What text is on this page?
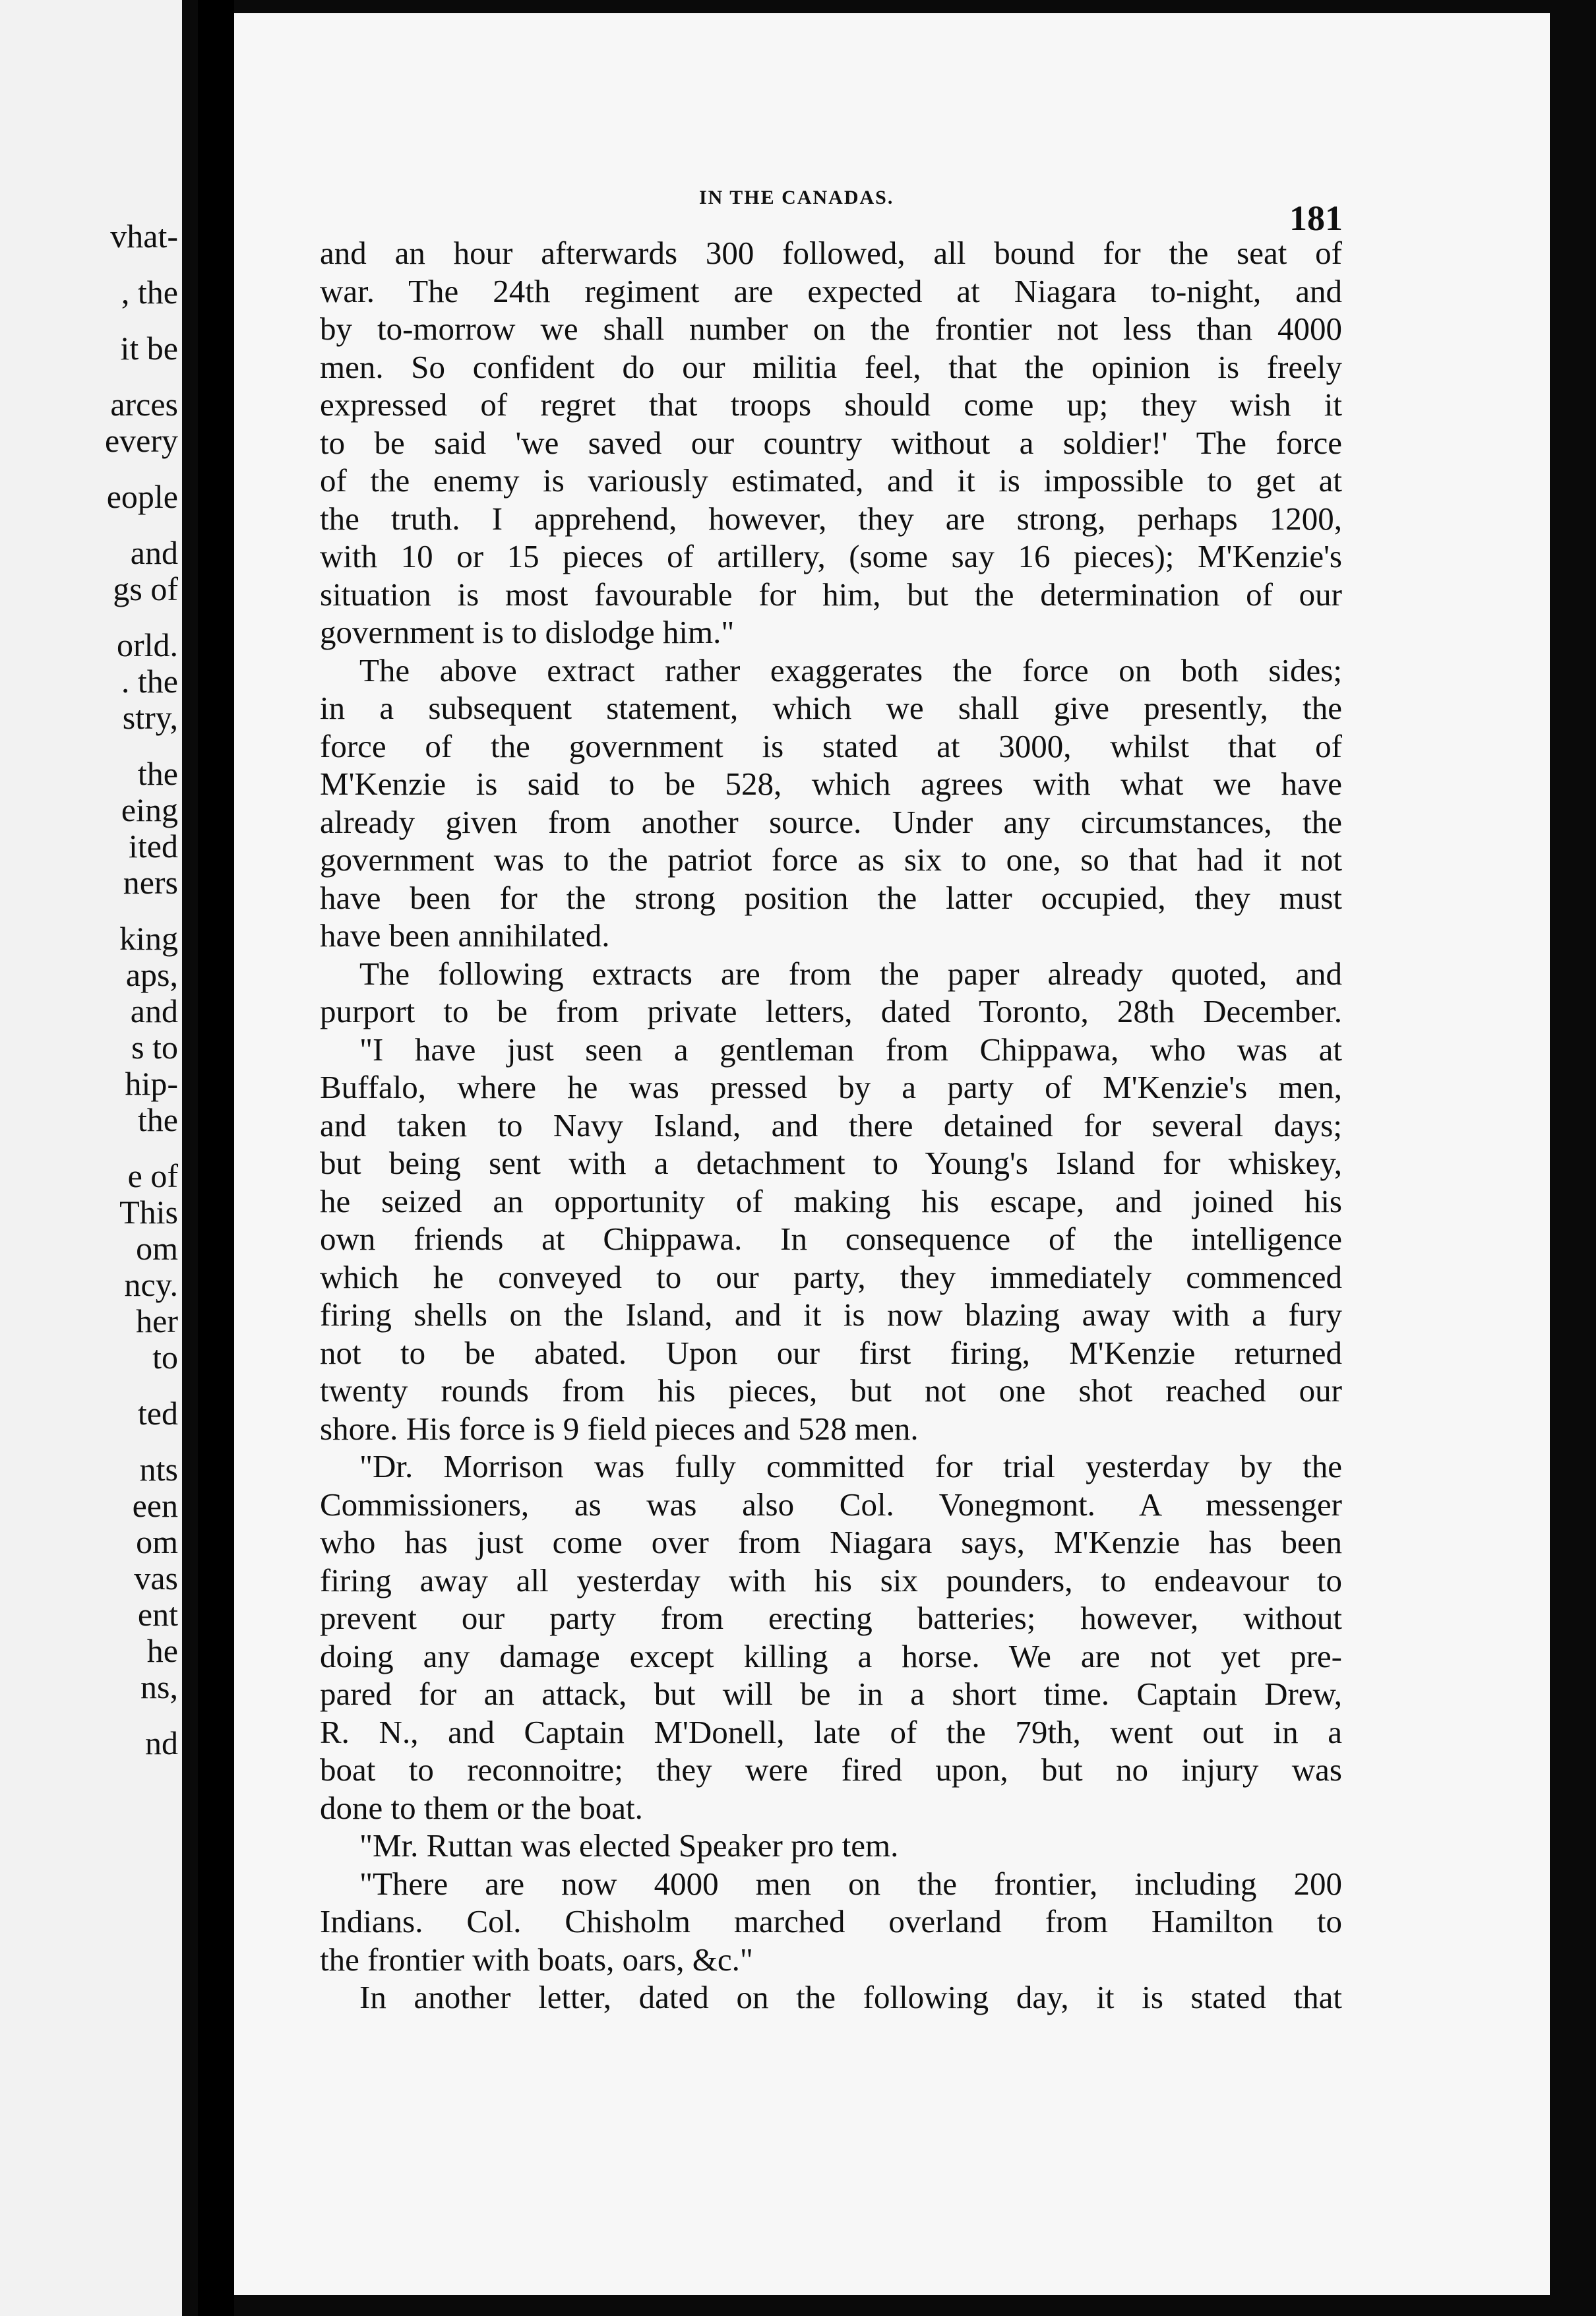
vhat-
, the
it be
arces
every
eople
and
gs of
orld.
. the
stry,
the
eing
ited
ners
king
aps,
and
s to
hip-
the
e of
This
om
ncy.
her
to
ted
nts
een
om
vas
ent
he
ns,
nd
IN THE CANADAS.
181
and an hour afterwards 300 followed, all bound for the seat of
war. The 24th regiment are expected at Niagara to-night, and
by to-morrow we shall number on the frontier not less than 4000
men. So confident do our militia feel, that the opinion is freely
expressed of regret that troops should come up; they wish it
to be said 'we saved our country without a soldier!' The force
of the enemy is variously estimated, and it is impossible to get at
the truth. I apprehend, however, they are strong, perhaps 1200,
with 10 or 15 pieces of artillery, (some say 16 pieces); M'Kenzie's
situation is most favourable for him, but the determination of our
government is to dislodge him."
The above extract rather exaggerates the force on both sides;
in a subsequent statement, which we shall give presently, the
force of the government is stated at 3000, whilst that of
M'Kenzie is said to be 528, which agrees with what we have
already given from another source. Under any circumstances, the
government was to the patriot force as six to one, so that had it not
have been for the strong position the latter occupied, they must
have been annihilated.
The following extracts are from the paper already quoted, and
purport to be from private letters, dated Toronto, 28th December.
"I have just seen a gentleman from Chippawa, who was at
Buffalo, where he was pressed by a party of M'Kenzie's men,
and taken to Navy Island, and there detained for several days;
but being sent with a detachment to Young's Island for whiskey,
he seized an opportunity of making his escape, and joined his
own friends at Chippawa. In consequence of the intelligence
which he conveyed to our party, they immediately commenced
firing shells on the Island, and it is now blazing away with a fury
not to be abated. Upon our first firing, M'Kenzie returned
twenty rounds from his pieces, but not one shot reached our
shore. His force is 9 field pieces and 528 men.
"Dr. Morrison was fully committed for trial yesterday by the
Commissioners, as was also Col. Vonegmont. A messenger
who has just come over from Niagara says, M'Kenzie has been
firing away all yesterday with his six pounders, to endeavour to
prevent our party from erecting batteries; however, without
doing any damage except killing a horse. We are not yet pre-
pared for an attack, but will be in a short time. Captain Drew,
R. N., and Captain M'Donell, late of the 79th, went out in a
boat to reconnoitre; they were fired upon, but no injury was
done to them or the boat.
"Mr. Ruttan was elected Speaker pro tem.
"There are now 4000 men on the frontier, including 200
Indians. Col. Chisholm marched overland from Hamilton to
the frontier with boats, oars, &c."
In another letter, dated on the following day, it is stated that
